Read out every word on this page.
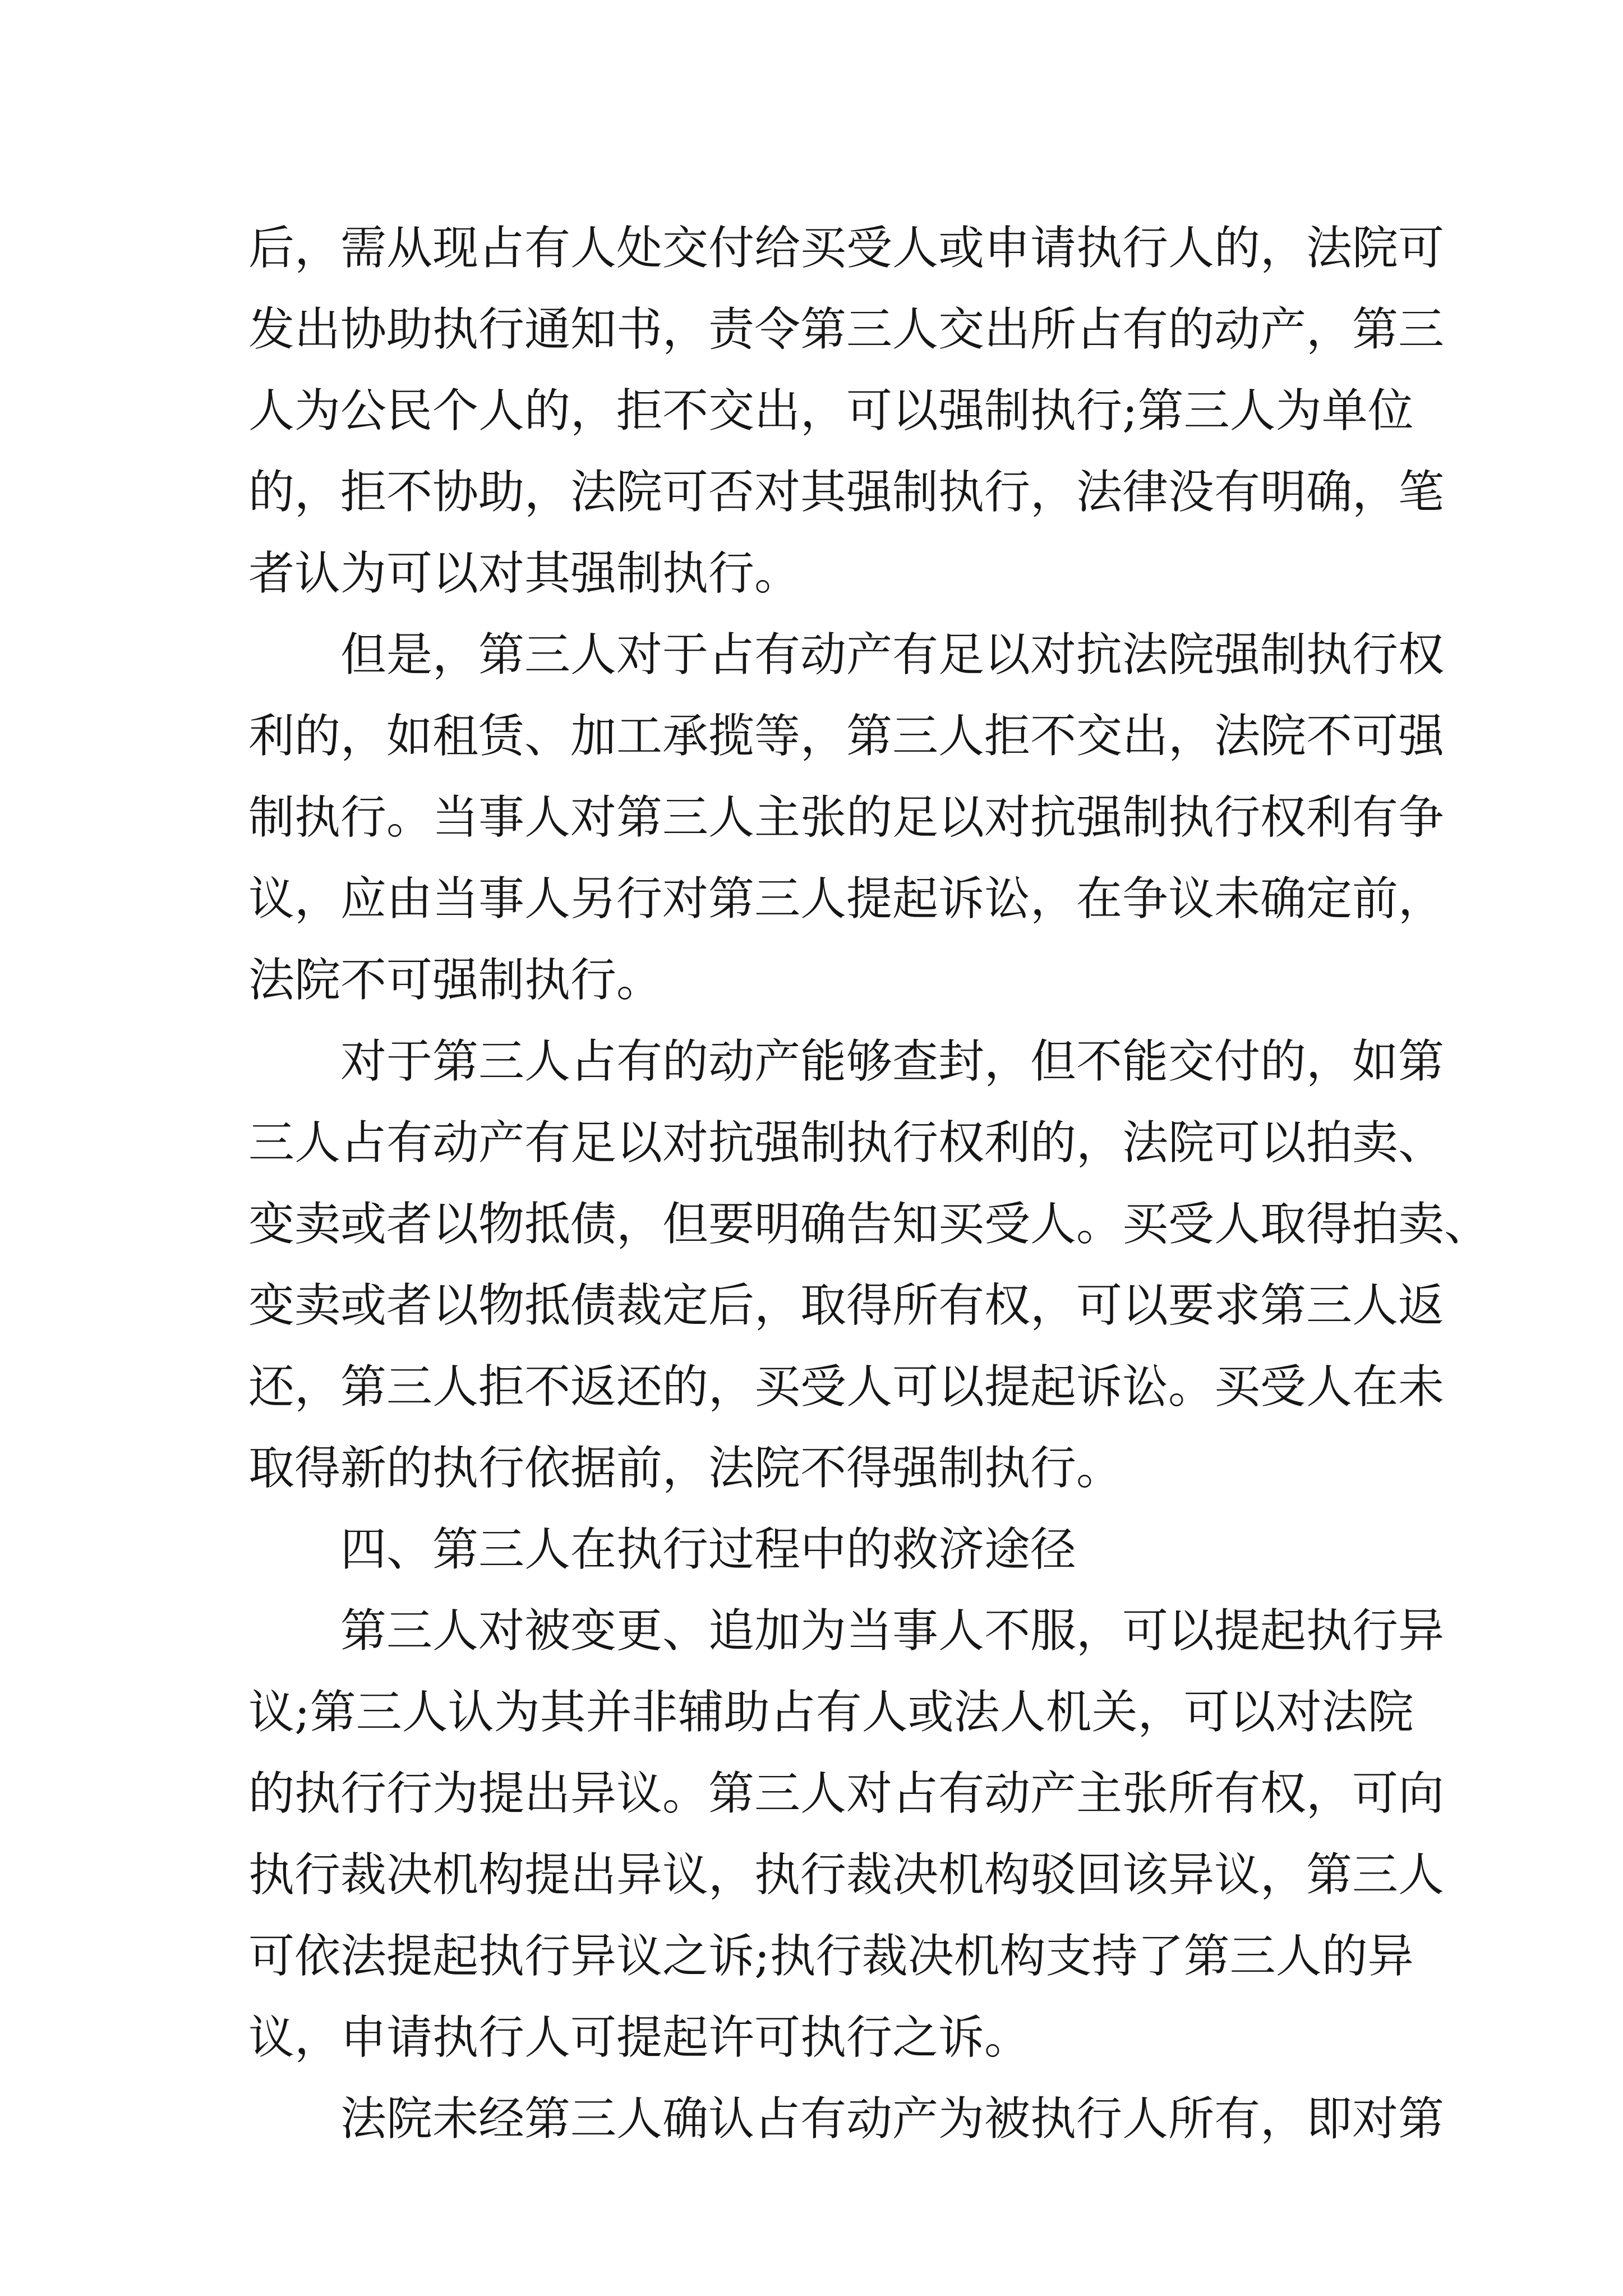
后，需从现占有人处交付给买受人或申请执行人的，法院可
发出协助执行通知书，责令第三人交出所占有的动产，第三
人为公民个人的，拒不交出，可以强制执行;第三人为单位
的，拒不协助，法院可否对其强制执行，法律没有明确，笔
者认为可以对其强制执行。
但是，第三人对于占有动产有足以对抗法院强制执行权
利的，如租赁、加工承揽等，第三人拒不交出，法院不可强
制执行。当事人对第三人主张的足以对抗强制执行权利有争
议，应由当事人另行对第三人提起诉讼，在争议未确定前，
法院不可强制执行。
对于第三人占有的动产能够查封，但不能交付的，如第
三人占有动产有足以对抗强制执行权利的，法院可以拍卖、
变卖或者以物抵债，但要明确告知买受人。买受人取得拍卖、
变卖或者以物抵债裁定后，取得所有权，可以要求第三人返
还，第三人拒不返还的，买受人可以提起诉讼。买受人在未
取得新的执行依据前，法院不得强制执行。
四、第三人在执行过程中的救济途径
第三人对被变更、追加为当事人不服，可以提起执行异
议;第三人认为其并非辅助占有人或法人机关，可以对法院
的执行行为提出异议。第三人对占有动产主张所有权，可向
执行裁决机构提出异议，执行裁决机构驳回该异议，第三人
可依法提起执行异议之诉;执行裁决机构支持了第三人的异
议，申请执行人可提起许可执行之诉。
法院未经第三人确认占有动产为被执行人所有，即对第
